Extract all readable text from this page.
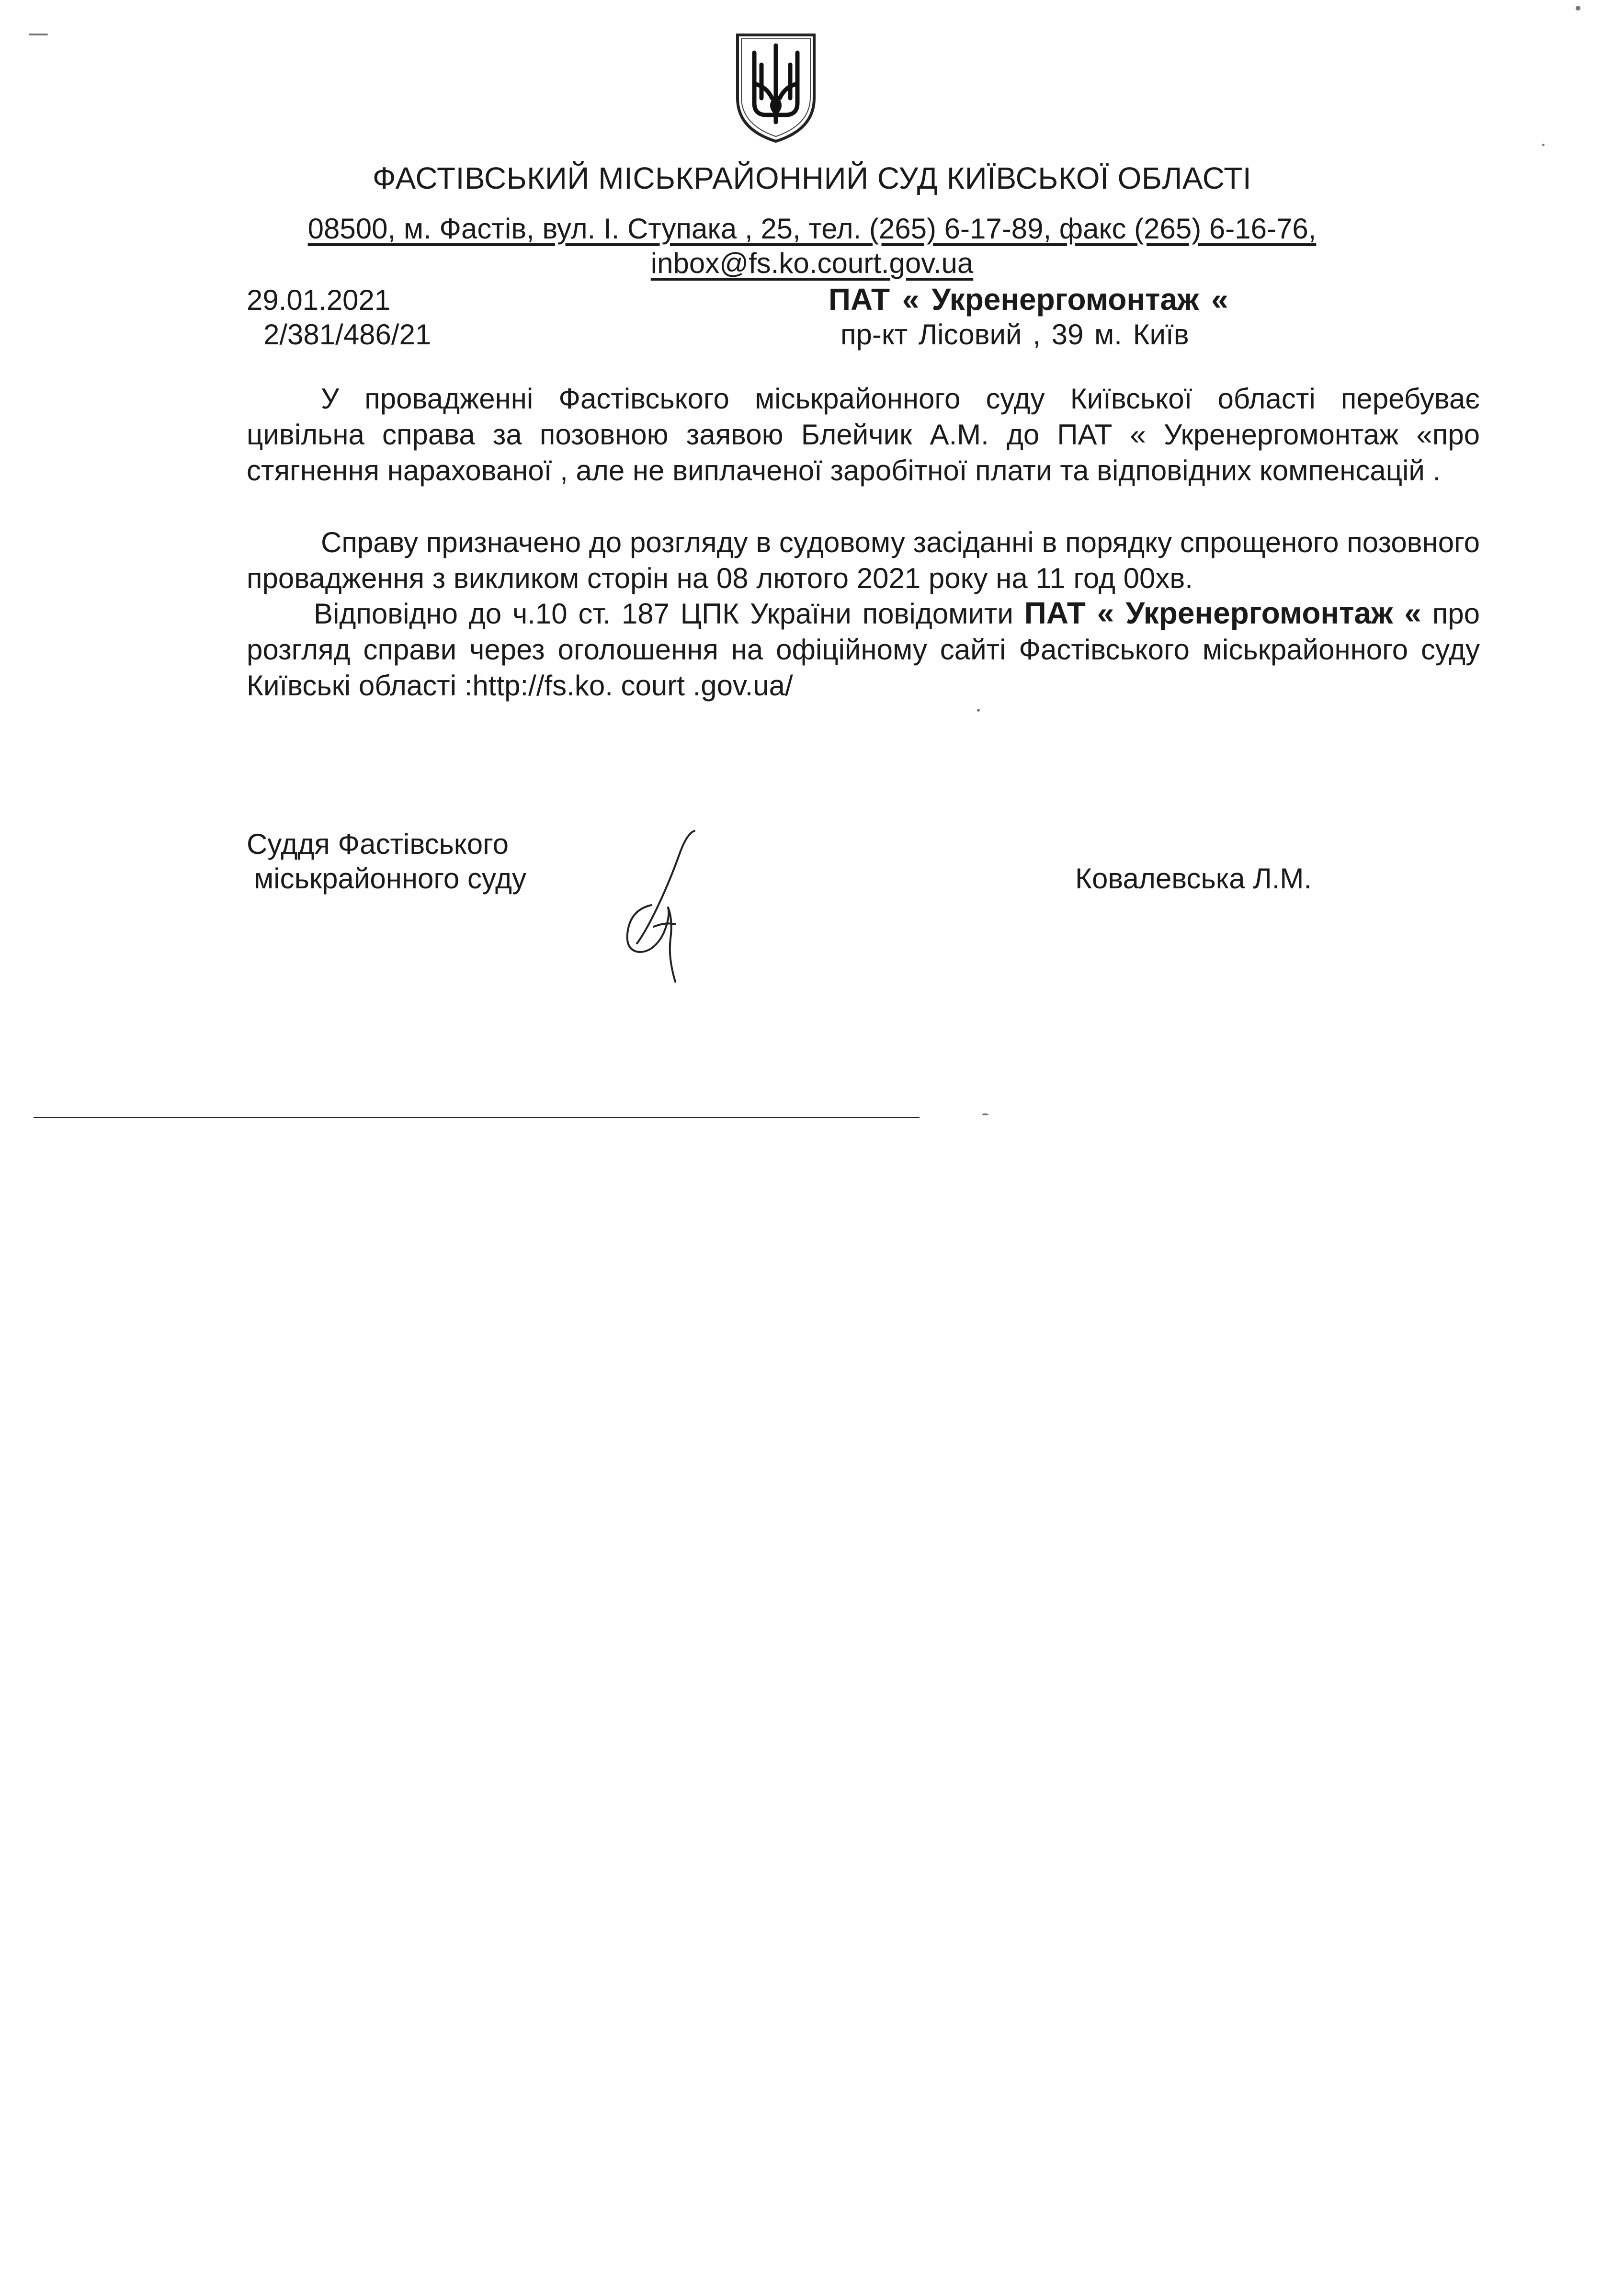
ФАСТІВСЬКИЙ МІСЬКРАЙОННИЙ СУД КИЇВСЬКОЇ ОБЛАСТІ
08500, м. Фастів, вул. І. Ступака , 25, тел. (265) 6-17-89, факс (265) 6-16-76,
inbox@fs.ko.court.gov.ua
29.01.2021
2/381/486/21
ПАТ « Укренергомонтаж «
пр-кт Лісовий , 39 м. Київ
У провадженні Фастівського міськрайонного суду Київської області перебуває цивільна справа за позовною заявою Блейчик А.М. до ПАТ « Укренергомонтаж «про стягнення нарахованої , але не виплаченої заробітної плати та відповідних компенсацій .
Справу призначено до розгляду в судовому засіданні в порядку спрощеного позовного провадження з викликом сторін на 08 лютого 2021 року на 11 год 00хв.
Відповідно до ч.10 ст. 187 ЦПК України повідомити ПАТ « Укренергомонтаж « про розгляд справи через оголошення на офіційному сайті Фастівського міськрайонного суду Київські області :http://fs.ko. court .gov.ua/
Суддя Фастівського
міськрайонного суду	Ковалевська Л.М.
